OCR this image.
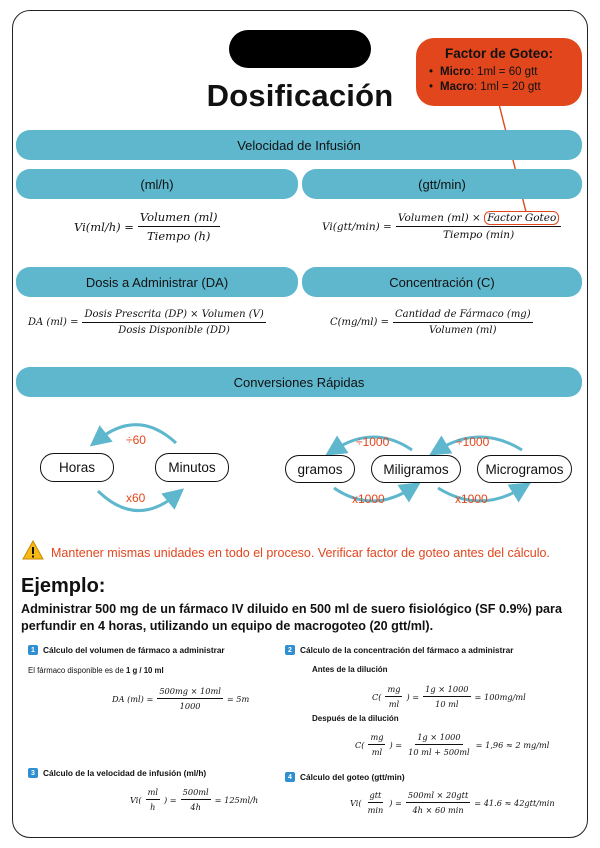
Dosificación
Factor de Goteo:
• Micro: 1ml = 60 gtt
• Macro: 1ml = 20 gtt
Velocidad de Infusión
(ml/h)	(gtt/min)
$Vi(ml/h) = \frac{\text{Volumen (ml)}}{\text{Tiempo (h)}}$	$Vi(gtt/\min) = \frac{\text{Volumen (ml) × Factor Goteo}}{\text{Tiempo (min)}}$
Dosis a Administrar (DA)	Concentración (C)
DA $(ml) = \frac{\text{Dosis Prescrita (DP) × Volumen (V)}}{\text{Dosis Disponible (DD)}}$	$C(mg/ml) = \frac{\text{Cantidad de Fármaco (mg)}}{\text{Volumen (ml)}}$
Conversiones Rápidas
÷60
x60
Horas	Minutos
÷1000	÷1000
x1000	x1000
gramos	Miligramos	Microgramos
Mantener mismas unidades en todo el proceso. Verificar factor de goteo antes del cálculo.
Ejemplo:
Administrar 500 mg de un fármaco IV diluido en 500 ml de suero fisiológico (SF 0.9%) para perfundir en 4 horas, utilizando un equipo de macrogoteo (20 gtt/ml).
1 Cálculo del volumen de fármaco a administrar
El fármaco disponible es de 1 g / 10 ml
DA $(ml) = \frac{500mg \times 10ml}{1000} = 5m$
2 Cálculo de la concentración del fármaco a administrar
Antes de la dilución
C ( $\frac{mg}{ml}$ ) = $\frac{1g \times 1000}{10 ml} = 100mg/ml$
Después de la dilución
C ( $\frac{mg}{ml}$ ) = $\frac{1g \times 1000}{10 ml + 500ml} = 1,96 \approx 2$ mg/ml
3 Cálculo de la velocidad de infusión (ml/h)
Vi ( $\frac{ml}{h}$ ) = $\frac{500ml}{4h} = 125ml/h$
4 Cálculo del goteo (gtt/min)
Vi ( $\frac{\text{gtt}}{\min}$ ) = $\frac{\text{500ml × 20gtt}}{4h \times 60 \min} = 41.6 \approx 42gtt/\min$
